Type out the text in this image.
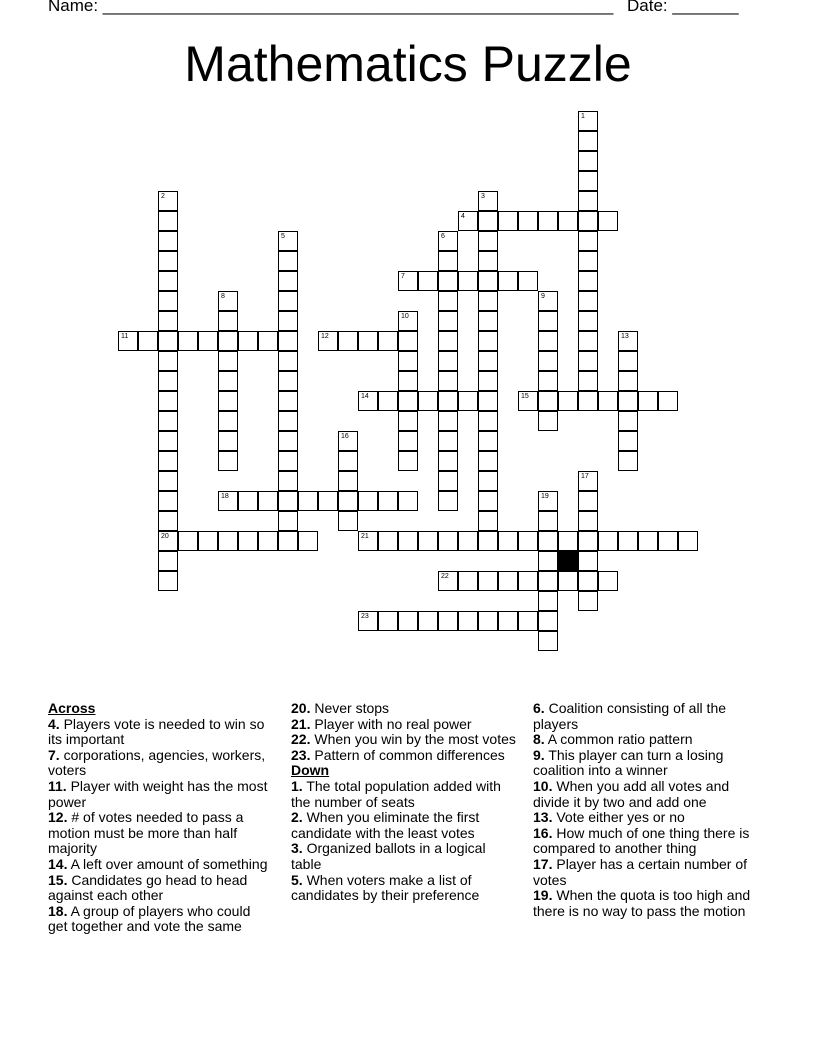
Name: ______________________________________________________ Date: _______
Mathematics Puzzle
4
7
11	12
14	15
18
20	21
22
23
1
2	3
5	6
8	9
10
13
16
17
19
Across
4. Players vote is needed to win so its important
7. corporations, agencies, workers, voters
11. Player with weight has the most power
12. # of votes needed to pass a motion must be more than half majority
14. A left over amount of something
15. Candidates go head to head against each other
18. A group of players who could get together and vote the same
20. Never stops
21. Player with no real power
22. When you win by the most votes
23. Pattern of common differences
Down
1. The total population added with the number of seats
2. When you eliminate the first candidate with the least votes
3. Organized ballots in a logical table
5. When voters make a list of candidates by their preference
6. Coalition consisting of all the players
8. A common ratio pattern
9. This player can turn a losing coalition into a winner
10. When you add all votes and divide it by two and add one
13. Vote either yes or no
16. How much of one thing there is compared to another thing
17. Player has a certain number of votes
19. When the quota is too high and there is no way to pass the motion
